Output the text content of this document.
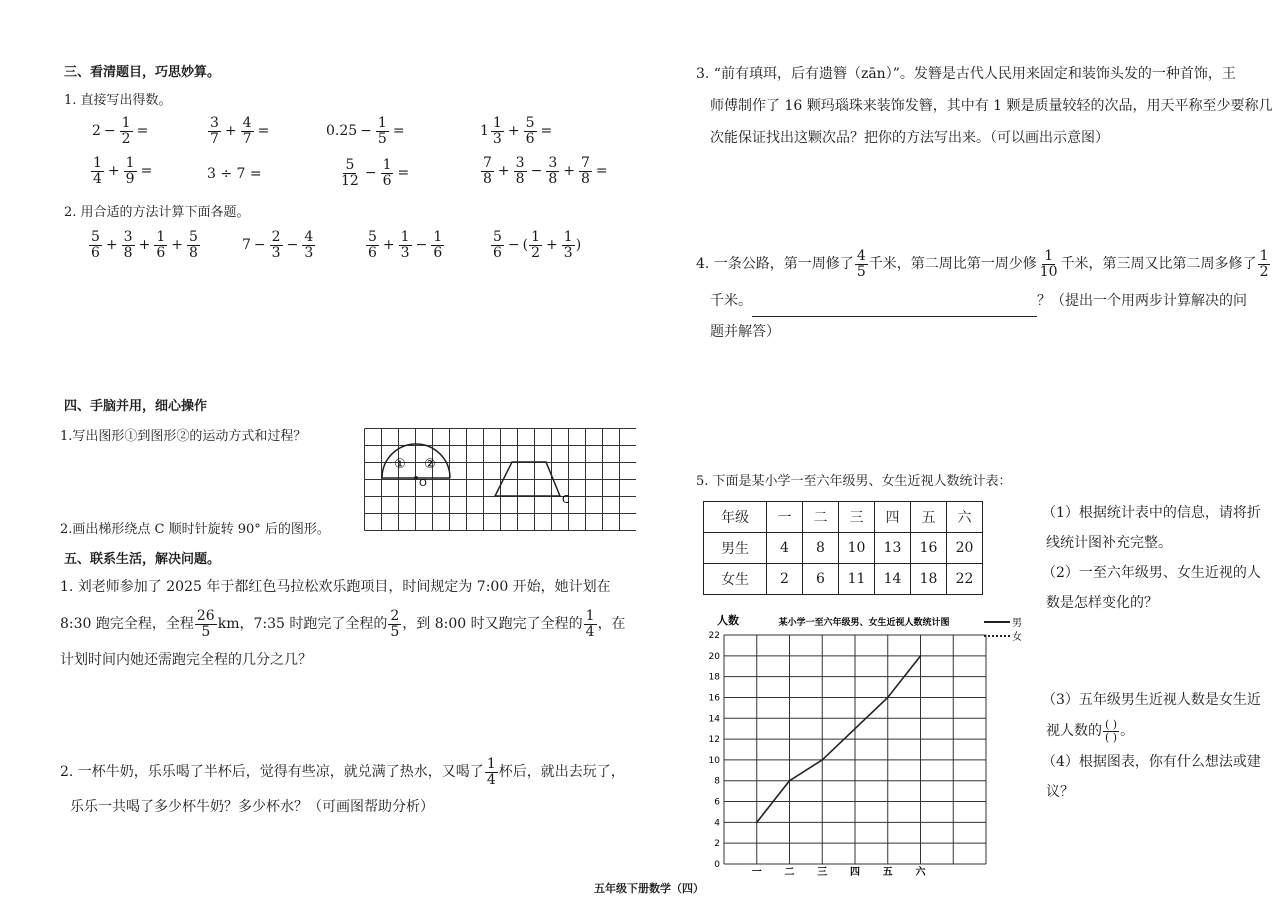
三、看清题目，巧思妙算。
1. 直接写出得数。
$2 - \frac{1}{2}$ =
3
$7 + \frac{4}{7}$ =	$0.25 - \frac{1}{5}$ =	1
1
$3 + \frac{5}{6}$ =
1
$4 + \frac{1}{9}$ =	3 ÷ 7 =
5
$12 - \frac{1}{6}$ =
7
$8 + \frac{3}{8} - \frac{3}{8} + \frac{7}{8}$ =
2. 用合适的方法计算下面各题。
5
$6 + \frac{3}{8} + \frac{1}{6} + \frac{5}{8}$	$7 - \frac{2}{3} - \frac{4}{3}$	5
$6 + \frac{1}{3} - \frac{1}{6}$	5
6 − (
1
$2 + \frac{1}{3}$ )
四、手脑并用，细心操作
1.写出图形①到图形②的运动方式和过程？
2.画出梯形绕点 C 顺时针旋转 90° 后的图形。
① ②
O
C
五、联系生活，解决问题。
1. 刘老师参加了 2025 年于都红色马拉松欢乐跑项目，时间规定为 7:00 开始，她计划在
8:30 跑完全程，全程 26
5 km，7:35 时跑完了全程的 2
5 ，到 8:00 时又跑完了全程的 1
4 ，在
计划时间内她还需跑完全程的几分之几？
2. 一杯牛奶，乐乐喝了半杯后，觉得有些凉，就兑满了热水，又喝了 1
4 杯后，就出去玩了，
乐乐一共喝了多少杯牛奶？多少杯水？（可画图帮助分析）
3. “前有瑱珥，后有遗簪（zān）”。发簪是古代人民用来固定和装饰头发的一种首饰，王
师傅制作了 16 颗玛瑙珠来装饰发簪，其中有 1 颗是质量较轻的次品，用天平称至少要称几
次能保证找出这颗次品？把你的方法写出来。（可以画出示意图）
4. 一条公路，第一周修了 4
5 千米，第二周比第一周少修 1
10 千米，第三周又比第二周多修了 1
2
千米。	？（提出一个用两步计算解决的问
题并解答）
5. 下面是某小学一至六年级男、女生近视人数统计表：
年级	一	二	三	四	五	六
男生	4	8	10	13	16	20
女生	2	6	11	14	18	22
（1）根据统计表中的信息，请将折
线统计图补充完整。
（2）一至六年级男、女生近视的人
数是怎样变化的？
（3）五年级男生近视人数是女生近
视人数的 ( )
( ) 。
（4）根据图表，你有什么想法或建
议？
0
2
4
6
8
10
12
14
16
18
20
22
一 二 三 四 五 六
人数	某小学一至六年级男、女生近视人数统计图	男
女
五年级下册数学（四）
